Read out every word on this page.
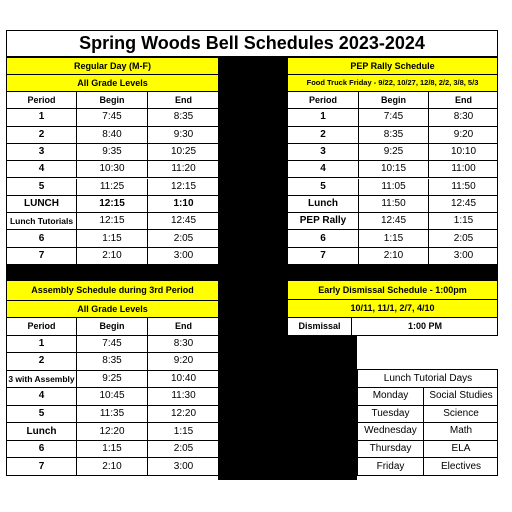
Spring Woods Bell Schedules 2023-2024
Regular Day (M-F)
All Grade Levels
Period	Begin	End
1	7:45	8:35
2	8:40	9:30
3	9:35	10:25
4	10:30	11:20
5	11:25	12:15
LUNCH	12:15	1:10
Lunch Tutorials	12:15	12:45
6	1:15	2:05
7	2:10	3:00
PEP Rally Schedule
Food Truck Friday - 9/22, 10/27, 12/8, 2/2, 3/8, 5/3
Period	Begin	End
1	7:45	8:30
2	8:35	9:20
3	9:25	10:10
4	10:15	11:00
5	11:05	11:50
Lunch	11:50	12:45
PEP Rally	12:45	1:15
6	1:15	2:05
7	2:10	3:00
Assembly Schedule during 3rd Period
All Grade Levels
Period	Begin	End
1	7:45	8:30
2	8:35	9:20
3 with Assembly	9:25	10:40
4	10:45	11:30
5	11:35	12:20
Lunch	12:20	1:15
6	1:15	2:05
7	2:10	3:00
Early Dismissal Schedule - 1:00pm
10/11, 11/1, 2/7, 4/10
Dismissal	1:00 PM
Lunch Tutorial Days
Monday	Social Studies
Tuesday	Science
Wednesday	Math
Thursday	ELA
Friday	Electives
